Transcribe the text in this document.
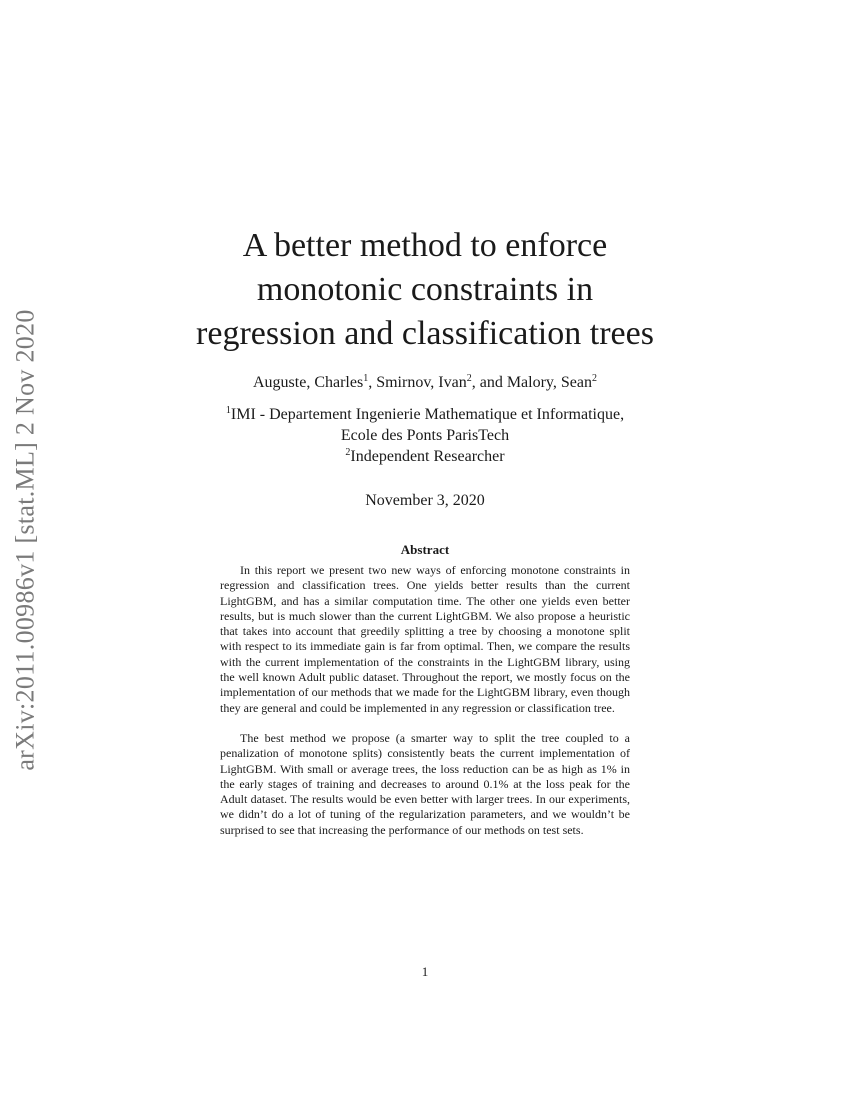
arXiv:2011.00986v1 [stat.ML] 2 Nov 2020
A better method to enforce
monotonic constraints in
regression and classification trees
Auguste, Charles$^1$, Smirnov, Ivan$^2$, and Malory, Sean$^2$
$^1$IMI - Departement Ingenierie Mathematique et Informatique,
Ecole des Ponts ParisTech
$^2$Independent Researcher
November 3, 2020
Abstract

In this report we present two new ways of enforcing monotone constraints in regression and classification trees. One yields better results than the current LightGBM, and has a similar computation time. The other one yields even better results, but is much slower than the current LightGBM. We also propose a heuristic that takes into account that greedily splitting a tree by choosing a monotone split with respect to its immediate gain is far from optimal. Then, we compare the results with the current implementation of the constraints in the LightGBM library, using the well known Adult public dataset. Throughout the report, we mostly focus on the implementation of our methods that we made for the LightGBM library, even though they are general and could be implemented in any regression or classification tree.

The best method we propose (a smarter way to split the tree coupled to a penalization of monotone splits) consistently beats the current implementation of LightGBM. With small or average trees, the loss reduction can be as high as 1% in the early stages of training and decreases to around 0.1% at the loss peak for the Adult dataset. The results would be even better with larger trees. In our experiments, we didn’t do a lot of tuning of the regularization parameters, and we wouldn’t be surprised to see that increasing the performance of our methods on test sets.

1
